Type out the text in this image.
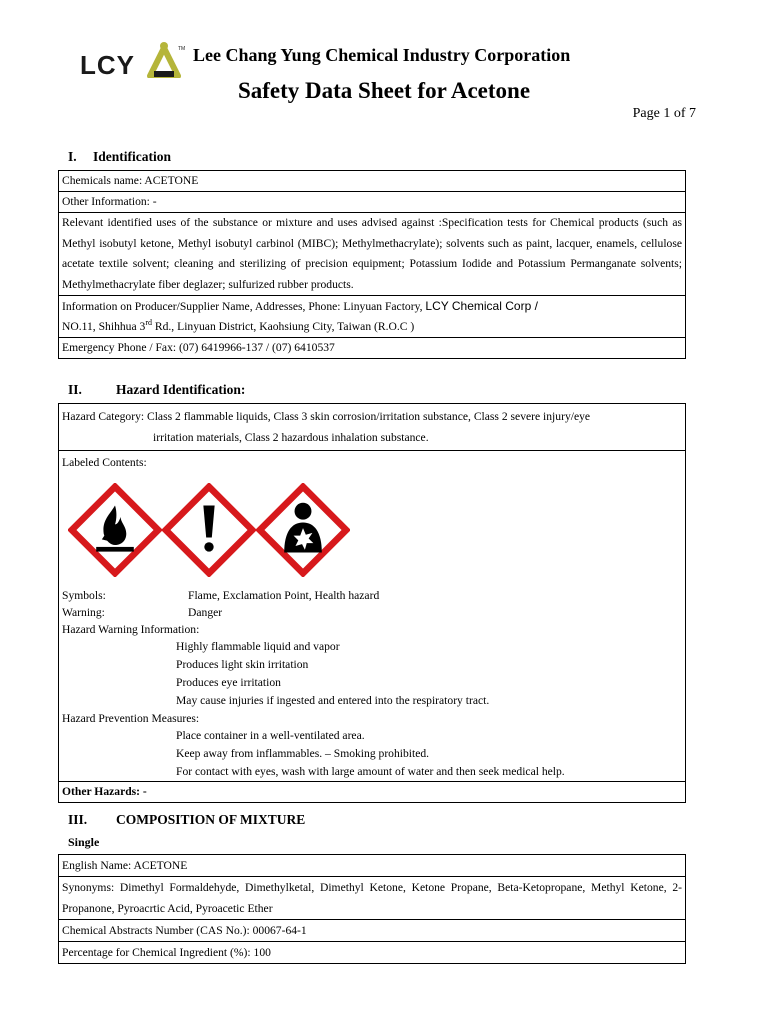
LCY
TM Lee Chang Yung Chemical Industry Corporation
Safety Data Sheet for Acetone
Page 1 of 7
I. Identification
Chemicals name: ACETONE
Other Information: -
Relevant identified uses of the substance or mixture and uses advised against :Specification tests for Chemical products (such as Methyl isobutyl ketone, Methyl isobutyl carbinol (MIBC); Methylmethacrylate); solvents such as paint, lacquer, enamels, cellulose acetate textile solvent; cleaning and sterilizing of precision equipment; Potassium Iodide and Potassium Permanganate solvents; Methylmethacrylate fiber deglazer; sulfurized rubber products.
Information on Producer/Supplier Name, Addresses, Phone: Linyuan Factory, LCY Chemical Corp /
NO.11, Shihhua 3rd Rd., Linyuan District, Kaohsiung City, Taiwan (R.O.C )
Emergency Phone / Fax: (07) 6419966-137 / (07) 6410537
II.	Hazard Identification:
Hazard Category: Class 2 flammable liquids, Class 3 skin corrosion/irritation substance, Class 2 severe injury/eye
irritation materials, Class 2 hazardous inhalation substance.

Labeled Contents:
Symbols:	Flame, Exclamation Point, Health hazard
Warning:	Danger
Hazard Warning Information:
Highly flammable liquid and vapor
Produces light skin irritation
Produces eye irritation
May cause injuries if ingested and entered into the respiratory tract.
Hazard Prevention Measures:
Place container in a well-ventilated area.
Keep away from inflammables. – Smoking prohibited.
For contact with eyes, wash with large amount of water and then seek medical help.

Other Hazards: -
III. COMPOSITION OF MIXTURE
Single
English Name: ACETONE
Synonyms: Dimethyl Formaldehyde, Dimethylketal, Dimethyl Ketone, Ketone Propane, Beta-Ketopropane, Methyl Ketone, 2-Propanone, Pyroacrtic Acid, Pyroacetic Ether
Chemical Abstracts Number (CAS No.): 00067-64-1
Percentage for Chemical Ingredient (%): 100
